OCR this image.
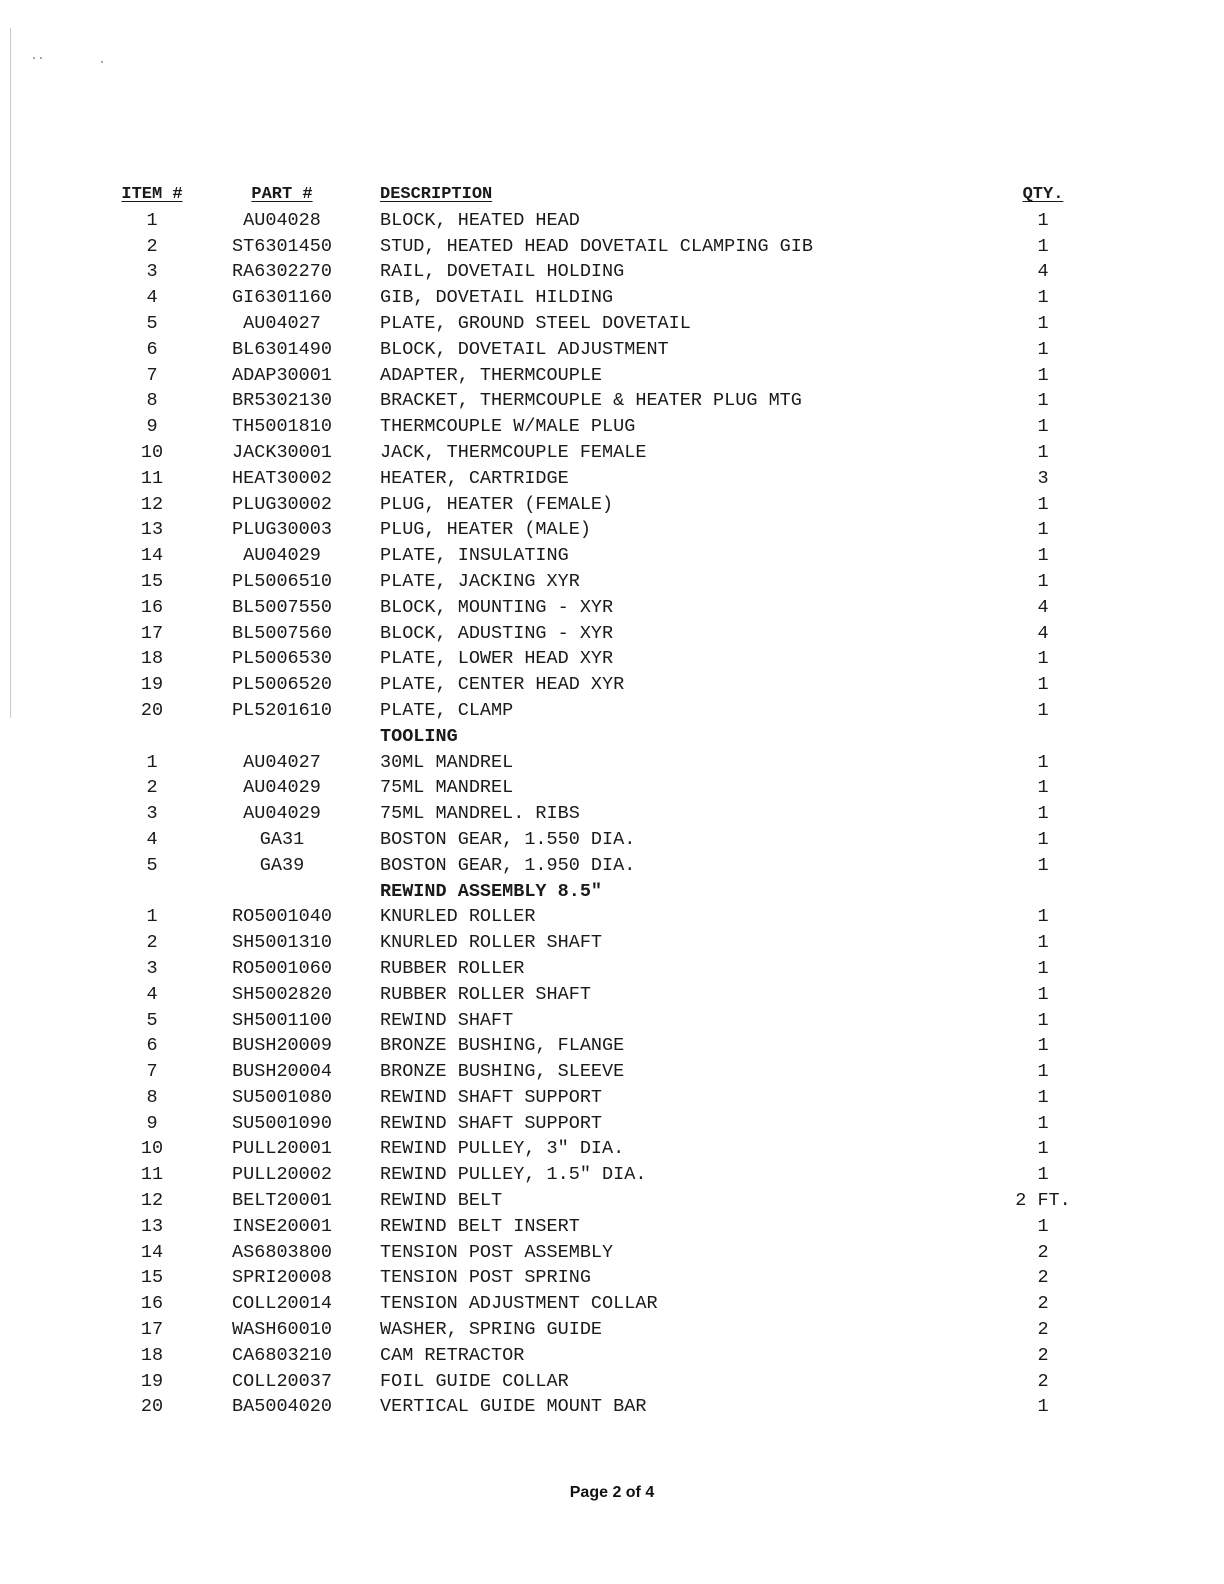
ITEM #	PART #	DESCRIPTION	QTY.
1	AU04028	BLOCK, HEATED HEAD	1
2	ST6301450	STUD, HEATED HEAD DOVETAIL CLAMPING GIB	1
3	RA6302270	RAIL, DOVETAIL HOLDING	4
4	GI6301160	GIB, DOVETAIL HILDING	1
5	AU04027	PLATE, GROUND STEEL DOVETAIL	1
6	BL6301490	BLOCK, DOVETAIL ADJUSTMENT	1
7	ADAP30001	ADAPTER, THERMCOUPLE	1
8	BR5302130	BRACKET, THERMCOUPLE & HEATER PLUG MTG	1
9	TH5001810	THERMCOUPLE W/MALE PLUG	1
10	JACK30001	JACK, THERMCOUPLE FEMALE	1
11	HEAT30002	HEATER, CARTRIDGE	3
12	PLUG30002	PLUG, HEATER (FEMALE)	1
13	PLUG30003	PLUG, HEATER (MALE)	1
14	AU04029	PLATE, INSULATING	1
15	PL5006510	PLATE, JACKING XYR	1
16	BL5007550	BLOCK, MOUNTING - XYR	4
17	BL5007560	BLOCK, ADUSTING - XYR	4
18	PL5006530	PLATE, LOWER HEAD XYR	1
19	PL5006520	PLATE, CENTER HEAD XYR	1
20	PL5201610	PLATE, CLAMP	1
TOOLING
1	AU04027	30ML MANDREL	1
2	AU04029	75ML MANDREL	1
3	AU04029	75ML MANDREL. RIBS	1
4	GA31	BOSTON GEAR, 1.550 DIA.	1
5	GA39	BOSTON GEAR, 1.950 DIA.	1
REWIND ASSEMBLY 8.5"
1	RO5001040	KNURLED ROLLER	1
2	SH5001310	KNURLED ROLLER SHAFT	1
3	RO5001060	RUBBER ROLLER	1
4	SH5002820	RUBBER ROLLER SHAFT	1
5	SH5001100	REWIND SHAFT	1
6	BUSH20009	BRONZE BUSHING, FLANGE	1
7	BUSH20004	BRONZE BUSHING, SLEEVE	1
8	SU5001080	REWIND SHAFT SUPPORT	1
9	SU5001090	REWIND SHAFT SUPPORT	1
10	PULL20001	REWIND PULLEY, 3" DIA.	1
11	PULL20002	REWIND PULLEY, 1.5" DIA.	1
12	BELT20001	REWIND BELT	2 FT.
13	INSE20001	REWIND BELT INSERT	1
14	AS6803800	TENSION POST ASSEMBLY	2
15	SPRI20008	TENSION POST SPRING	2
16	COLL20014	TENSION ADJUSTMENT COLLAR	2
17	WASH60010	WASHER, SPRING GUIDE	2
18	CA6803210	CAM RETRACTOR	2
19	COLL20037	FOIL GUIDE COLLAR	2
20	BA5004020	VERTICAL GUIDE MOUNT BAR	1
Page 2 of 4
